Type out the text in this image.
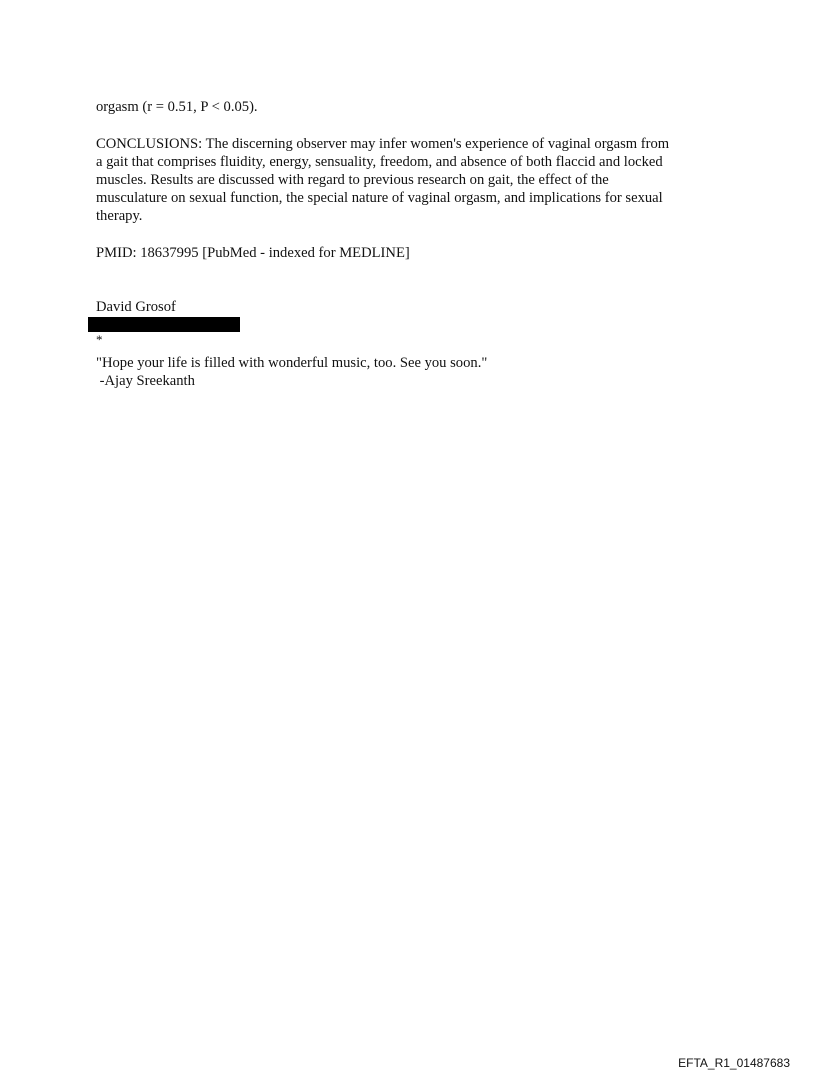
orgasm (r = 0.51, P < 0.05).

CONCLUSIONS: The discerning observer may infer women's experience of vaginal orgasm from

a gait that comprises fluidity, energy, sensuality, freedom, and absence of both flaccid and locked

muscles. Results are discussed with regard to previous research on gait, the effect of the

musculature on sexual function, the special nature of vaginal orgasm, and implications for sexual

therapy.

PMID: 18637995 [PubMed - indexed for MEDLINE]

David Grosof

*

"Hope your life is filled with wonderful music, too. See you soon."

-Ajay Sreekanth

EFTA_R1_01487683
